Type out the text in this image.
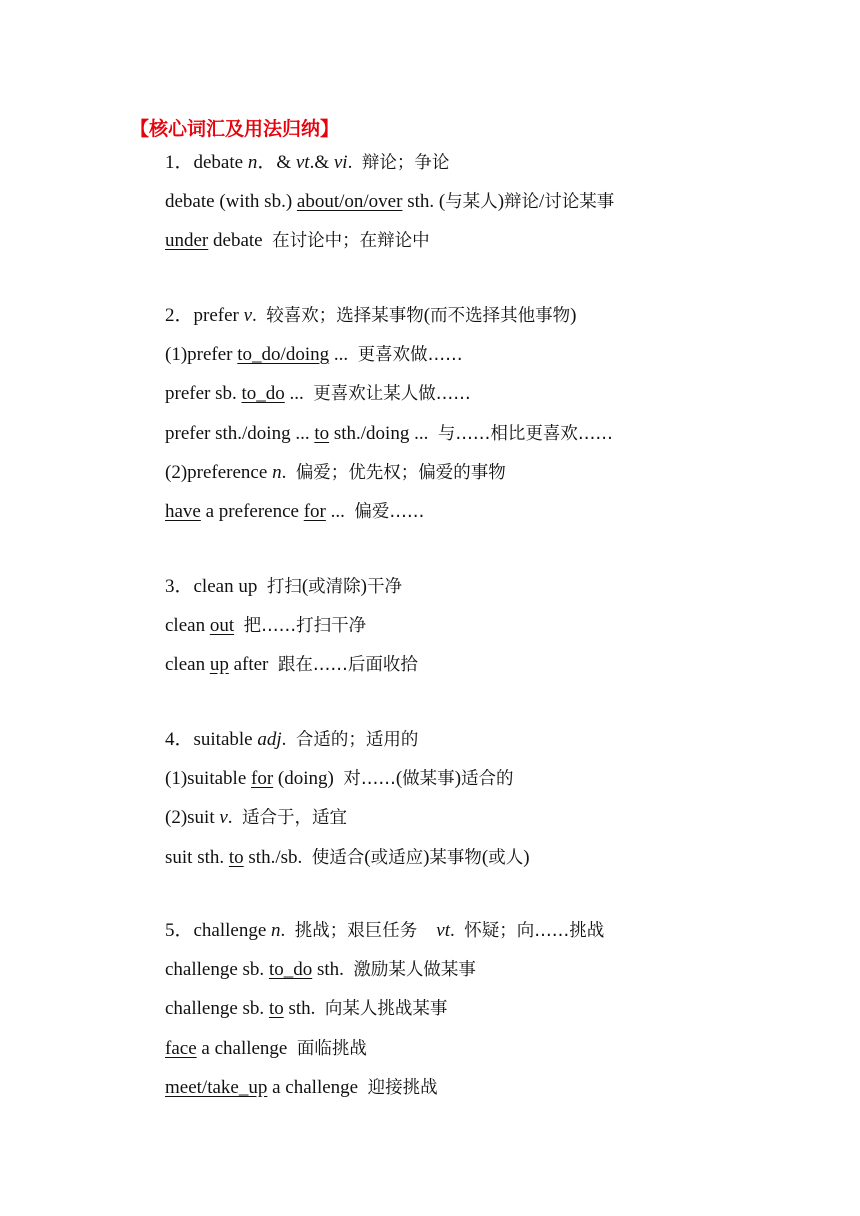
【核心词汇及用法归纳】
1．debate n．& vt.& vi.  辩论；争论
debate (with sb.) about/on/over sth. (与某人)辩论/讨论某事
under debate  在讨论中；在辩论中
2．prefer v.  较喜欢；选择某事物(而不选择其他事物)
(1)prefer to_do/doing ...  更喜欢做……
prefer sb. to_do ...  更喜欢让某人做……
prefer sth./doing ... to sth./doing ...  与……相比更喜欢……
(2)preference n.  偏爱；优先权；偏爱的事物
have a preference for ...  偏爱……
3．clean up  打扫(或清除)干净
clean out 把……打扫干净
clean up after  跟在……后面收拾
4．suitable adj.  合适的；适用的
(1)suitable for (doing)  对……(做某事)适合的
(2)suit v.  适合于，适宜
suit sth. to sth./sb.  使适合(或适应)某事物(或人)
5．challenge n.  挑战；艰巨任务 vt.  怀疑；向……挑战
challenge sb. to_do sth.  激励某人做某事
challenge sb. to sth.  向某人挑战某事
face a challenge  面临挑战
meet/take_up a challenge  迎接挑战
